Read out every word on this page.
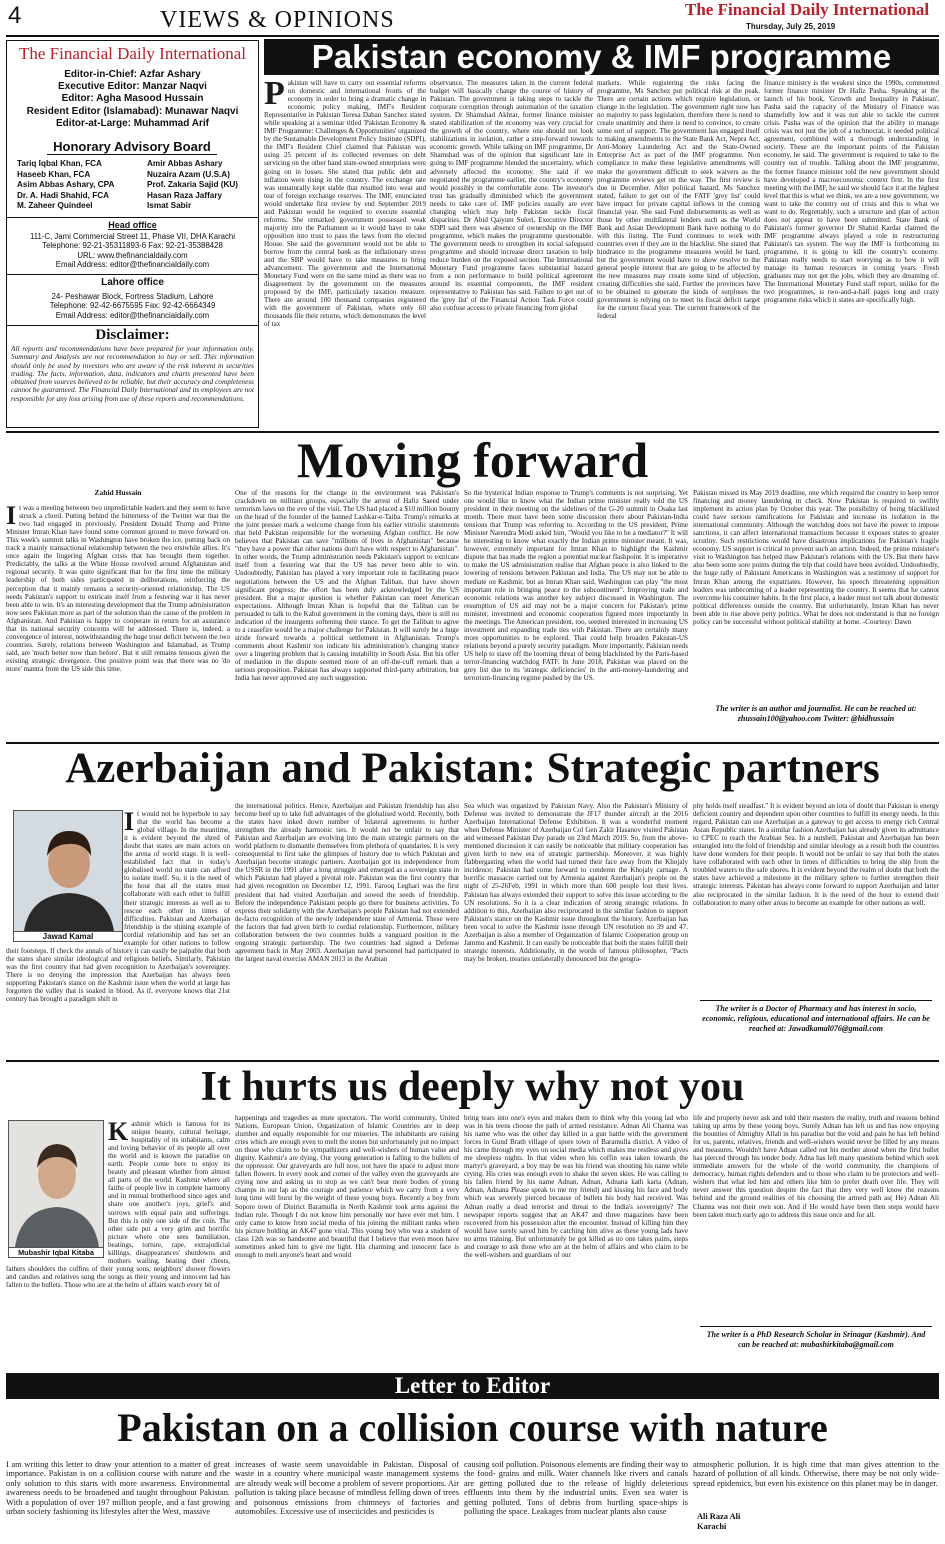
4	VIEWS & OPINIONS	The Financial Daily International
Thursday, July 25, 2019
The Financial Daily International
Editor-in-Chief: Azfar Ashary
Executive Editor: Manzar Naqvi
Editor: Agha Masood Hussain
Resident Editor (Islamabad): Munawar Naqvi
Editor-at-Large: Muhammad Arif
Honorary Advisory Board
Tariq Iqbal Khan, FCA
Haseeb Khan, FCA
Asim Abbas Ashary, CPA
Dr. A. Hadi Shahid, FCA
M. Zaheer Quindeel
Amir Abbas Ashary
Nuzaira Azam (U.S.A)
Prof. Zakaria Sajid (KU)
Hasan Raza Jaffary
Ismat Sabir
Head office
111-C, Jami Commercial Street 11, Phase VII, DHA Karachi
Telephone: 92-21-35311893-6 Fax: 92-21-35388428
URL: www.thefinancialdaily.com
Email Address: editor@thefinancialdaily.com
Lahore office
24- Peshawar Block, Fortress Stadium, Lahore
Telephone: 92-42-6675595 Fax: 92-42-6664349
Email Address: editor@thefinancialdaily.com
Disclaimer:
All reports and recommendations have been prepared for your information only. Summary and Analysis are not recommendation to buy or sell. This information should only be used by investors who are aware of the risk inherent in securities trading. The facts, information, data, indicators and charts presented have been obtained from sources believed to be reliable, but their accuracy and completeness cannot be guaranteed. The Financial Daily International and its employees are not responsible for any loss arising from use of these reports and recommendations.
Pakistan economy & IMF programme
Pakistan will have to carry out essential reforms on domestic and international fronts of the economy in order to bring a dramatic change in economic policy making, IMF's Resident Representative in Pakistan Teresa Daban Sanchez stated while speaking at a seminar titled 'Pakistan Economy & IMF Programme: Challenges & Opportunities' organized by the Sustainable Development Policy Institute (SDPI), the IMF's Resident Chief claimed that Pakistan was using 25 percent of its collected revenues on debt servicing on the other hand state-owned enterprises were going on in losses. She stated that public debt and inflation were rising in the country. The exchange rate was unnaturally kept stable that resulted into wear and tear of foreign exchange reserves. The IMF, enunciated would undertake first review by end September 2019 and Pakistan would be required to execute essential reforms. She remarked government possessed weak majority into the Parliament so it would have to take opposition into trust to pass the laws from the elected House. She said the government would not be able to borrow from the central bank as the inflationary stress and the SBP would have to take measures to bring advancement. The government and the International Monetary Fund were on the same mind as there was no disagreement by the government on the measures proposed by the IMF, particularly taxation measure. There are around 100 thousand companies registered with the government of Pakistan, where only 60 thousands file their returns, which demonstrates the level of tax
observance. The measures taken in the current federal budget will basically change the course of history of Pakistan. The government is taking steps to tackle the corporate corruption through automation of the taxation system. Dr Shamshad Akhtar, former finance minister stated stabilization of the economy was very crucial for the growth of the country, where one should not look stabilizations in isolation, rather a step-forward towards economic growth. While talking on IMF programme, Dr Shamshad was of the opinion that significant late in going to IMF programme blended the uncertainty, which adversely affected the economy. She said if we negotiated the programme earlier, the country's economy would possibly in the comfortable zone. The investor's trust has gradually diminished which the government needs to take care of. IMF policies usually are ever changing which may help Pakistan tackle fiscal disparities. Dr Abid Qaiyum Suleri, Executive Director SDPI said there was absence of ownership on the IMF programme, which makes the programme questionable. The government needs to strengthen its social safeguard programme and should increase direct taxation to help reduce burden on the exposed section. The International Monetary Fund programme faces substantial hazard from a non performance to build political agreement around its essential components, the IMF resident representative to Pakistan has said. Failure to get out of the 'grey list' of the Financial Action Task Force could also confuse access to private financing from global
markets. While registering the risks facing the programme, Ms Sanchez put political risk at the peak. There are certain actions which require legislation, or change in the legislation. The government right now has no majority to pass legislation, therefore there is need to create unanimity and there is need to convince, to create some sort of support. The government has engaged itself to making amendments to the State Bank Act, Nepra Act, Anti-Money Laundering Act and the State-Owned Enterprise Act as part of the IMF programme. Non compliance to make these legislative amendments will make the government difficult to seek waivers as the programme reviews get on the way. The first review is due in December. After political hazard, Ms Sanchez stated, failure to get out of the FATF 'grey list' could have impact for private capital inflows in the coming financial year. She said Fund disbursements as well as those by other multilateral lenders such as the World Bank and Asian Development Bank have nothing to do with this listing. The Fund continues to work with countries even if they are in the blacklist. She stated that hindrance to the programme measures would be hard, but the government would have to show resolve to the general people interest that are going to be affected by the new measures may create some kind of objection, creating difficulties she said. Further the provinces have to be obtained to generate the kinds of surpluses the government is relying on to meet its fiscal deficit target for the current fiscal year. The current framework of the federal
finance ministry is the weakest since the 1990s, commented former finance minister Dr Hafiz Pasha. Speaking at the launch of his book, 'Growth and Inequality in Pakistan', Pasha said the capacity of the Ministry of Finance was shamefully low and it was not able to tackle the current crisis. Pasha was of the opinion that the ability to manage crisis was not just the job of a technocrat, it needed political agreement, combined with a thorough understanding in society. These are the important points of the Pakistan economy, he said. The government is required to take to the country out of trouble. Talking about the IMF programme, the former finance minister told the new government should have developed a macroeconomic context first. In the first meeting with the IMF, he said we should face it at the highest level that this is what we think, we are a new government, we want to take the country out of crisis and this is what we want to do. Regrettably, such a structure and plan of action does not appear to have been submitted. State Bank of Pakistan's former governor Dr Shahid Kardar claimed the IMF programme always played a role in restructuring Pakistan's tax system. The way the IMF is forthcoming its programme, it is going to kill the country's economy. Pakistan really needs to start worrying as to how it will manage its human resources in coming years. Fresh graduates may not get the jobs, which they are dreaming of. The International Monetary Fund staff report, unlike for the two programmes, is two-and-a-half pages long and crazy programme risks which it states are specifically high.
Moving forward
Zahid Hussain
I t was a meeting between two unpredictable leaders and they seem to have struck a chord. Putting behind the bitterness of the Twitter war that the two had engaged in previously, President Donald Trump and Prime Minister Imran Khan have found some common ground to move forward on. This week's summit talks in Washington have broken the ice, putting back on track a mainly transactional relationship between the two erstwhile allies. It's once again the lingering Afghan crisis that has brought them together. Predictably, the talks at the White House revolved around Afghanistan and regional security. It was quite significant that for the first time the military leadership of both sides participated in deliberations, reinforcing the perception that it mainly remains a security-oriented relationship. The US needs Pakistan's support to extricate itself from a festering war it has never been able to win. It's an interesting development that the Trump administration now sees Pakistan more as part of the solution than the cause of the problem in Afghanistan. And Pakistan is happy to cooperate in return for an assurance that its national security concerns will be addressed. There is, indeed, a convergence of interest, notwithstanding the huge trust deficit between the two countries. Surely, relations between Washington and Islamabad, as Trump said, are 'much better now than before'. But it still remains tenuous given the existing strategic divergence. One positive point was that there was no 'do more' mantra from the US side this time.
One of the reasons for the change in the environment was Pakistan's crackdown on militant groups, especially the arrest of Hafiz Saeed under terrorism laws on the eve of the visit. The US had placed a $10 million bounty on the head of the founder of the banned Lashkar-e-Taiba. Trump's remarks at the joint presser mark a welcome change from his earlier vitriolic statements that held Pakistan responsible for the worsening Afghan conflict. He now believes that Pakistan can save "millions of lives in Afghanistan" because "they have a power that other nations don't have with respect to Afghanistan". In other words, the Trump administration needs Pakistan's support to extricate itself from a festering war that the US has never been able to win. Undoubtedly, Pakistan has played a very important role in facilitating peace negotiations between the US and the Afghan Taliban, that have shown significant progress; the effort has been duly acknowledged by the US president. But a major question is whether Pakistan can meet American expectations. Although Imran Khan is hopeful that the Taliban can be persuaded to talk to the Kabul government in the coming days, there is still no indication of the insurgents softening their stance. To get the Taliban to agree to a ceasefire would be a major challenge for Pakistan. It will surely be a huge stride forward towards a political settlement in Afghanistan. Trump's comments about Kashmir too indicate his administration's changing stance over a lingering problem that is causing instability in South Asia. But his offer of mediation in the dispute seemed more of an off-the-cuff remark than a serious proposition. Pakistan has always supported third-party arbitration, but India has never approved any such suggestion.
So the hysterical Indian response to Trump's comments is not surprising. Yet one would like to know what the Indian prime minister really told the US president in their meeting on the sidelines of the G-20 summit in Osaka last month. There must have been some discussion there about Pakistan-India tensions that Trump was referring to. According to the US president, Prime Minister Narendra Modi asked him, "Would you like to be a mediator?" It will be interesting to know what exactly the Indian prime minister meant. It was, however, extremely important for Imran Khan to highlight the Kashmir dispute that has made the region a potential nuclear flashpoint. It is imperative to make the US administration realise that Afghan peace is also linked to the lowering of tensions between Pakistan and India. The US may not be able to mediate on Kashmir, but as Imran Khan said, Washington can play "the most important role in bringing peace to the subcontinent". Improving trade and economic relations was another key subject discussed in Washington. The resumption of US aid may not be a major concern for Pakistan's prime minister, investment and economic cooperation figured more importantly in the meetings. The American president, too, seemed interested in increasing US investment and expanding trade ties with Pakistan. There are certainly many more opportunities to be explored. That could help broaden Pakistan-US relations beyond a purely security paradigm. More importantly, Pakistan needs US help to stave off the looming threat of being blacklisted by the Paris-based terror-financing watchdog FATF. In June 2018, Pakistan was placed on the grey list due to its 'strategic deficiencies' in the anti-money-laundering and terrorism-financing regime pushed by the US.
Pakistan missed its May 2019 deadline, one which required the country to keep terror financing and money laundering in check. Now Pakistan is required to swiftly implement its action plan by October this year. The possibility of being blacklisted could have serious ramifications for Pakistan and increase its isolation in the international community. Although the watchdog does not have the power to impose sanctions, it can affect international transactions because it exposes states to greater scrutiny. Such restrictions would have disastrous implications for Pakistan's fragile economy. US support is critical to prevent such an action. Indeed, the prime minister's visit to Washington has helped thaw Pakistan's relations with the US. But there have also been some sore points during the trip that could have been avoided. Undoubtedly, the huge rally of Pakistani Americans in Washington was a testimony of support for Imran Khan among the expatriates. However, his speech threatening opposition leaders was unbecoming of a leader representing the country. It seems that he cannot overcome his container habits. In the first place, a leader must not talk about domestic political differences outside the country. But unfortunately, Imran Khan has never been able to rise above petty politics. What he does not understand is that no foreign policy can be successful without political stability at home. -Courtesy: Dawn
The writer is an author and journalist. He can be reached at: zhussain100@yahoo.com Twitter: @hidhussain
Azerbaijan and Pakistan: Strategic partners
Jawad Kamal
It would not be hyperbole to say that the world has become a global village. In the meantime, it is evident beyond the shred of doubt that states are main actors on the arena of world stage. It is well-established fact that in today's globalised world no state can afford to isolate itself. So, it is the need of the hour that all the states must collaborate with each other to fulfill their strategic interests as well as to rescue each other in times of difficulties. Pakistan and Azerbaijan friendship is the shining example of cordial relationship and has set an example for other nations to follow their footsteps. If check the annals of history it can easily be palpable that both the states share similar ideological and religious beliefs. Similarly, Pakistan was the first country that had given recognition to Azerbaijan's sovereignty. There is no denying the impression that Azerbaijan has always been supporting Pakistan's stance on the Kashmir issue when the world at large has forgotten the valley that is soaked in blood. As if, everyone knows that 21st century has brought a paradigm shift in
the international politics. Hence, Azerbaijan and Pakistan friendship has also become beef up to take full advantages of the globalised world. Recently, both the states have inked down number of bilateral agreements to further strengthen the already harmonic ties. It would not be unfair to say that Pakistan and Azerbaijan are evolving into the main strategic partners on the world platform to dismantle themselves from plethora of quandaries. It is very consequential to first take the glimpses of history due to which Pakistan and Azerbaijan become strategic partners. Azerbaijan got its independence from the USSR in the 1991 after a long struggle and emerged as a sovereign state in which Pakistan had played a pivotal role. Pakistan was the first country that had given recognition on December 12, 1991. Farooq Leghari was the first president that had visited Azerbaijan and sowed the seeds of friendship. Before the independence Pakistani people go there for business activities. To express their solidarity with the Azerbaijan's people Pakistan had not extended de-facto recognition of the newly independent state of Armenia. These were the factors that had given birth to cordial relationship. Furthermore, military collaboration between the two countries holds a vanguard position in the ongoing strategic partnership. The two countries had signed a Defense agreement back in May 2003. Azerbaijan naval personnel had participated in the largest naval exercise AMAN 2013 in the Arabian
Sea which was organized by Pakistan Navy. Also the Pakistan's Ministry of Defense was invited to demonstrate the JF17 thunder aircraft at the 2016 Azerbaijan International Defense Exhibition. It was a wonderful moment when Defense Minister of Azerbaijan Col Gen Zakir Hasanov visited Pakistan and witnessed Pakistan Day parade on 23rd March 2019. So, from the above-mentioned discussion it can easily be noticeable that military cooperation has given birth to new era of strategic partnership. Moreover, it was highly flabbergasting when the world had turned their face away from the Khojaly incidence; Pakistan had come forward to condemn the Khojaly carnage. A horrific massacre carried out by Armenia against Azerbaijan's people on the night of 25-26Feb, 1991 in which more than 600 people lost their lives. Pakistan has always extended their support to solve this issue according to the UN resolutions. So it is a clear indication of strong strategic relations. In addition to this, Azerbaijan also reciprocated in the similar fashion to support Pakistan's stance on the Kashmir issue throughout the history. Azerbaijan has been vocal to solve the Kashmir issue through UN resolution no 39 and 47. Azerbaijan is also a member of Organization of Islamic Cooperation group on Jammu and Kashmir. It can easily be noticeable that both the states fulfill their strategic interests. Additionally, in the words of famous philosopher, "Pacts may be broken, treaties unilaterally denounced but the geogra-
phy holds itself steadfast." It is evident beyond an iota of doubt that Pakistan is energy deficient country and dependent upon other countries to fulfill its energy needs. In this regard, Pakistan can use Azerbaijan as a gateway to get access to energy rich Central Asian Republic states. In a similar fashion Azerbaijan has already given its admittance to CPEC to reach the Arabian Sea. In a nutshell, Pakistan and Azerbaijan has been entangled into the fold of friendship and similar ideology as a result both the countries have done wonders for their people. It would not be unfair to say that both the states have collaborated with each other in times of difficulties to bring the ship from the troubled waters to the safe shores. It is evident beyond the realm of doubt that both the states have achieved a milestone in the military sphere to further strengthen their strategic interests. Pakistan has always come forward to support Azerbaijan and latter also reciprocated in the similar fashion. It is the need of the hour to extend their collaboration to many other areas to become an example for other nations as well.
The writer is a Doctor of Pharmacy and has interest in socio, economic, religious, educational and international affairs. He can be reached at: Jawadkamal076@gmail.com
It hurts us deeply why not you
Mubashir Iqbal Kitaba
Kashmir which is famous for its unique beauty, cultural heritage, hospitality of its inhabitants, calm and loving behavior of its people all over the world and is known the paradise on earth. People come here to enjoy its beauty and pleasant whether from almost all parts of the world. Kashmir where all faiths of people live in complete harmony and in mutual brotherhood since ages and share one another's joys, grief's and sorrows with equal pain and sufferings. But this is only one side of the coin. The other side put a very grim and horrific picture where one sees humiliation, beatings, torture, rape, extrajudicial killings, disappearances' shutdowns and mothers wailing, beating their chests, fathers shoulders the coffins of their young sons, neighbors' shower flowers and candies and relatives sung the songs as their young and innocent lad has fallen to the bullets. Those who are at the helm of affairs watch every bit of
happenings and tragedies as mute spectators. The world community, United Nations, European Union, Organization of Islamic Countries are in deep slumber and equally responsible for our miseries. The inhabitants are raising cries which are enough even to melt the stones but unfortunately put no impact on those who claim to be sympathizers and well-wishers of human value and dignity. Kashmir's are dying. Our young generation is falling to the bullets of the oppressor. Our graveyards are full now, not have the space to adjust more fallen flowers. In every nook and corner of the valley even the graveyards are crying now and asking us to stop as we can't bear more bodies of young champs in our lap as the courage and patience which we carry from a very long time will burst by the weight of these young boys. Recently a boy from Sopore town of District Baramulla in North Kashmir took arms against the Indian rule. Though I do not know him personally nor have ever met him. I only came to know from social media of his joining the militant ranks when his picture holding an AK47 gone viral. This young boy who was a student of class 12th was so handsome and beautiful that I believe that even moon have sometimes asked him to give me light. His charming and innocent face is enough to melt anyone's heart and would
bring tears into one's eyes and makes them to think why this young lad who was in his teens choose the path of armed resistance. Adnan Ali Channa was his name who was the other day killed in a gun battle with the government forces in Gund Brath village of spore town of Baramulla district. A video of his came through my eyes on social media which makes me restless and gives me sleepless nights. In that video when his coffin was taken towards the martyr's graveyard, a boy may be was his friend was shouting his name while crying. His cries was enough even to shake the seven skies. He was calling to his fallen friend by his name Adnan, Adnan, Adnana kath karta (Adnan, Adnan, Adnana Please speak to me my friend) and kissing his face and body which was severely pierced because of bullets his body had received. Was Adnan really a dead terrorist and threat to the India's sovereignty? The newspaper reports suggest that an AK47 and three magazines have been recovered from his possession after the encounter. Instead of killing him they would have surely saved him by catching him alive as these young lads have no arms training. But unfortunately he got killed as no one takes pains, steps and courage to ask those who are at the helm of affairs and who claim to be the well-wishers and guardians of our
life and property never ask and told their masters the reality, truth and reasons behind taking up arms by these young boys. Surely Adnan has left us and has now enjoying the bounties of Almighty Allah in his paradise but the void and pain he has left behind for us, parents, relatives, friends and well-wishers would never be filled by any means and measures. Wouldn't have Adnan called out his mother aloud when the first bullet has pierced through his tender body. Adna has left many questions behind which seek immediate answers for the whole of the world community, the champions of democracy, human rights defenders and to those who claim to be protectors and well-wishers that what led him and others like him to prefer death over life. They will never answer this question despite the fact that they very well know the reasons behind and the ground realities of his choosing the armed path as( He) Adnan Ali Channa was not their own son. And if He would have been then steps would have been taken much early ago to address this issue once and for all.
The writer is a PhD Research Scholar in Srinagar (Kashmir). And can be reached at: mubashirkitaba@gmail.com
Letter to Editor
Pakistan on a collision course with nature
I am writing this letter to draw your attention to a matter of great importance. Pakistan is on a collision course with nature and the only solution to this starts with more awareness. Environmental awareness needs to be broadened and taught throughout Pakistan. With a population of over 197 million people, and a fast growing urban society fashioning its lifestyles after the West, massive
increases of waste seem unavoidable in Pakistan. Disposal of waste in a country where municipal waste management systems are already weak will become a problem of severe proportions. Air pollution is taking place because of mindless felling down of trees and poisonous emissions from chimneys of factories and automobiles. Excessive use of insecticides and pesticides is
causing soil pollution. Poisonous elements are finding their way to the food- grains and milk. Water channels like rivers and canals are getting polluted due to the release of highly deleterious effluents into them by the industrial units. Even sea water is getting polluted. Tons of debris from hurtling space-ships is polluting the space. Leakages from nuclear plants also cause
atmospheric pollution. It is high time that man gives attention to the hazard of pollution of all kinds. Otherwise, there may be not only wide-spread epidemics, but even his existence on this planet may be in danger.
Ali Raza Ali
Karachi
